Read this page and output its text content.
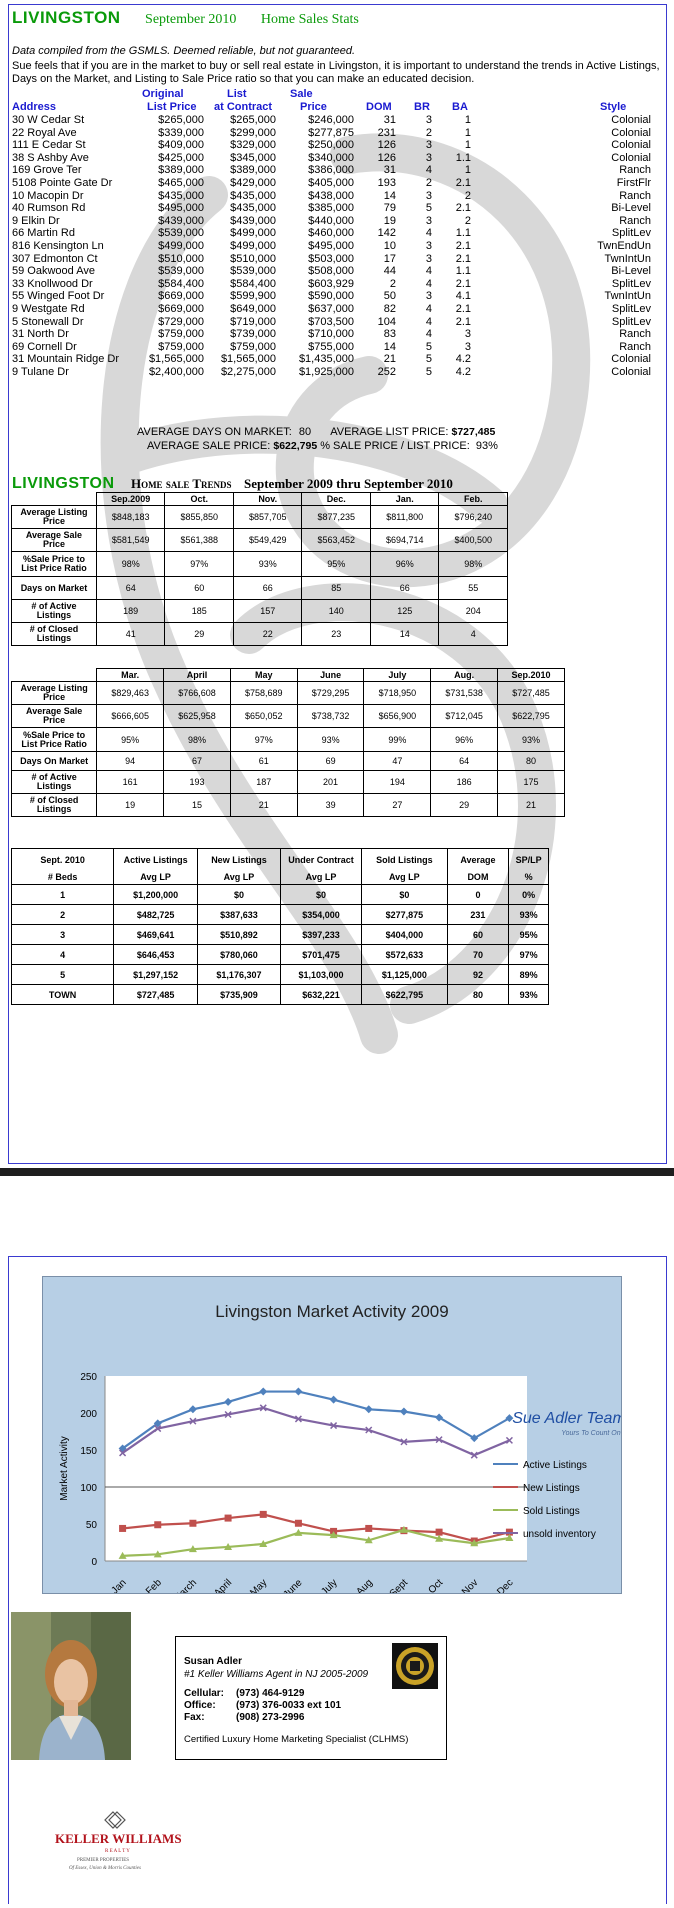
LIVINGSTON September 2010 Home Sales Stats
Data compiled from the GSMLS. Deemed reliable, but not guaranteed.
Sue feels that if you are in the market to buy or sell real estate in Livingston, it is important to understand the trends in Active Listings, Days on the Market, and Listing to Sale Price ratio so that you can make an educated decision.
Original	List	Sale
Address	List Price at Contract	Price	DOM BR BA	Style
30 W Cedar St	$265,000 $265,000	$246,000	31	3	1	Colonial
22 Royal Ave	$339,000 $299,000	$277,875 231	2	1	Colonial
111 E Cedar St	$409,000 $329,000	$250,000 126	3	1	Colonial
38 S Ashby Ave	$425,000 $345,000	$340,000 126	3 1.1	Colonial
169 Grove Ter	$389,000 $389,000	$386,000	31	4	1	Ranch
5108 Pointe Gate Dr	$465,000 $429,000	$405,000 193	2 2.1	FirstFlr
10 Macopin Dr	$435,000 $435,000	$438,000	14	3	2	Ranch
40 Rumson Rd	$495,000 $435,000	$385,000	79	5 2.1	Bi-Level
9 Elkin Dr	$439,000 $439,000	$440,000	19	3	2	Ranch
66 Martin Rd	$539,000 $499,000	$460,000 142	4 1.1	SplitLev
816 Kensington Ln	$499,000 $499,000	$495,000	10	3 2.1	TwnEndUn
307 Edmonton Ct	$510,000 $510,000	$503,000	17	3 2.1	TwnIntUn
59 Oakwood Ave	$539,000 $539,000	$508,000	44	4 1.1	Bi-Level
33 Knollwood Dr	$584,400 $584,400	$603,929	2	4 2.1	SplitLev
55 Winged Foot Dr	$669,000 $599,900	$590,000	50	3 4.1	TwnIntUn
9 Westgate Rd	$669,000 $649,000	$637,000	82	4 2.1	SplitLev
5 Stonewall Dr	$729,000 $719,000	$703,500 104	4 2.1	SplitLev
31 North Dr	$759,000 $739,000	$710,000	83	4	3	Ranch
69 Cornell Dr	$759,000 $759,000	$755,000	14	5	3	Ranch
31 Mountain Ridge Dr	$1,565,000 $1,565,000 $1,435,000	21	5 4.2	Colonial
9 Tulane Dr	$2,400,000 $2,275,000 $1,925,000 252	5 4.2	Colonial
AVERAGE DAYS ON MARKET: 80 AVERAGE LIST PRICE: $727,485
AVERAGE SALE PRICE: $622,795 % SALE PRICE / LIST PRICE: 93%
LIVINGSTON Home sale Trends September 2009 thru September 2010
	Sep.2009	Oct.	Nov.	Dec.	Jan.	Feb.
Average Listing Price	$848,183	$855,850	$857,705	$877,235	$811,800	$796,240
Average Sale Price	$581,549	$561,388	$549,429	$563,452	$694,714	$400,500
%Sale Price to List Price Ratio	98%	97%	93%	95%	96%	98%
Days on Market	64	60	66	85	66	55
# of Active Listings	189	185	157	140	125	204
# of Closed Listings	41	29	22	23	14	4
	Mar.	April	May	June	July	Aug.	Sep.2010
Average Listing Price	$829,463	$766,608	$758,689	$729,295	$718,950	$731,538	$727,485
Average Sale Price	$666,605	$625,958	$650,052	$738,732	$656,900	$712,045	$622,795
%Sale Price to List Price Ratio	95%	98%	97%	93%	99%	96%	93%
Days On Market	94	67	61	69	47	64	80
# of Active Listings	161	193	187	201	194	186	175
# of Closed Listings	19	15	21	39	27	29	21
Sept. 2010	Active Listings	New Listings	Under Contract	Sold Listings	Average	SP/LP
# Beds	Avg LP	Avg LP	Avg LP	Avg LP	DOM	%
1	$1,200,000	$0	$0	$0	0	0%
2	$482,725	$387,633	$354,000	$277,875	231	93%
3	$469,641	$510,892	$397,233	$404,000	60	95%
4	$646,453	$780,060	$701,475	$572,633	70	97%
5	$1,297,152	$1,176,307	$1,103,000	$1,125,000	92	89%
TOWN	$727,485	$735,909	$632,221	$622,795	80	93%
Livingston Market Activity 2009
0
50
100
150
200
250
Market Activity
Jan Feb March April May June July Aug Sept Oct Nov Dec
Active Listings
New Listings
Sold Listings
unsold inventory
Sue Adler Team
Yours To Count On
Susan Adler
#1 Keller Williams Agent in NJ 2005-2009
Cellular: (973) 464-9129
Office: (973) 376-0033 ext 101
Fax:	(908) 273-2996
Certified Luxury Home Marketing Specialist (CLHMS)
KELLER WILLIAMS
R E A L T Y
PREMIER PROPERTIES
Of Essex, Union & Morris Counties
